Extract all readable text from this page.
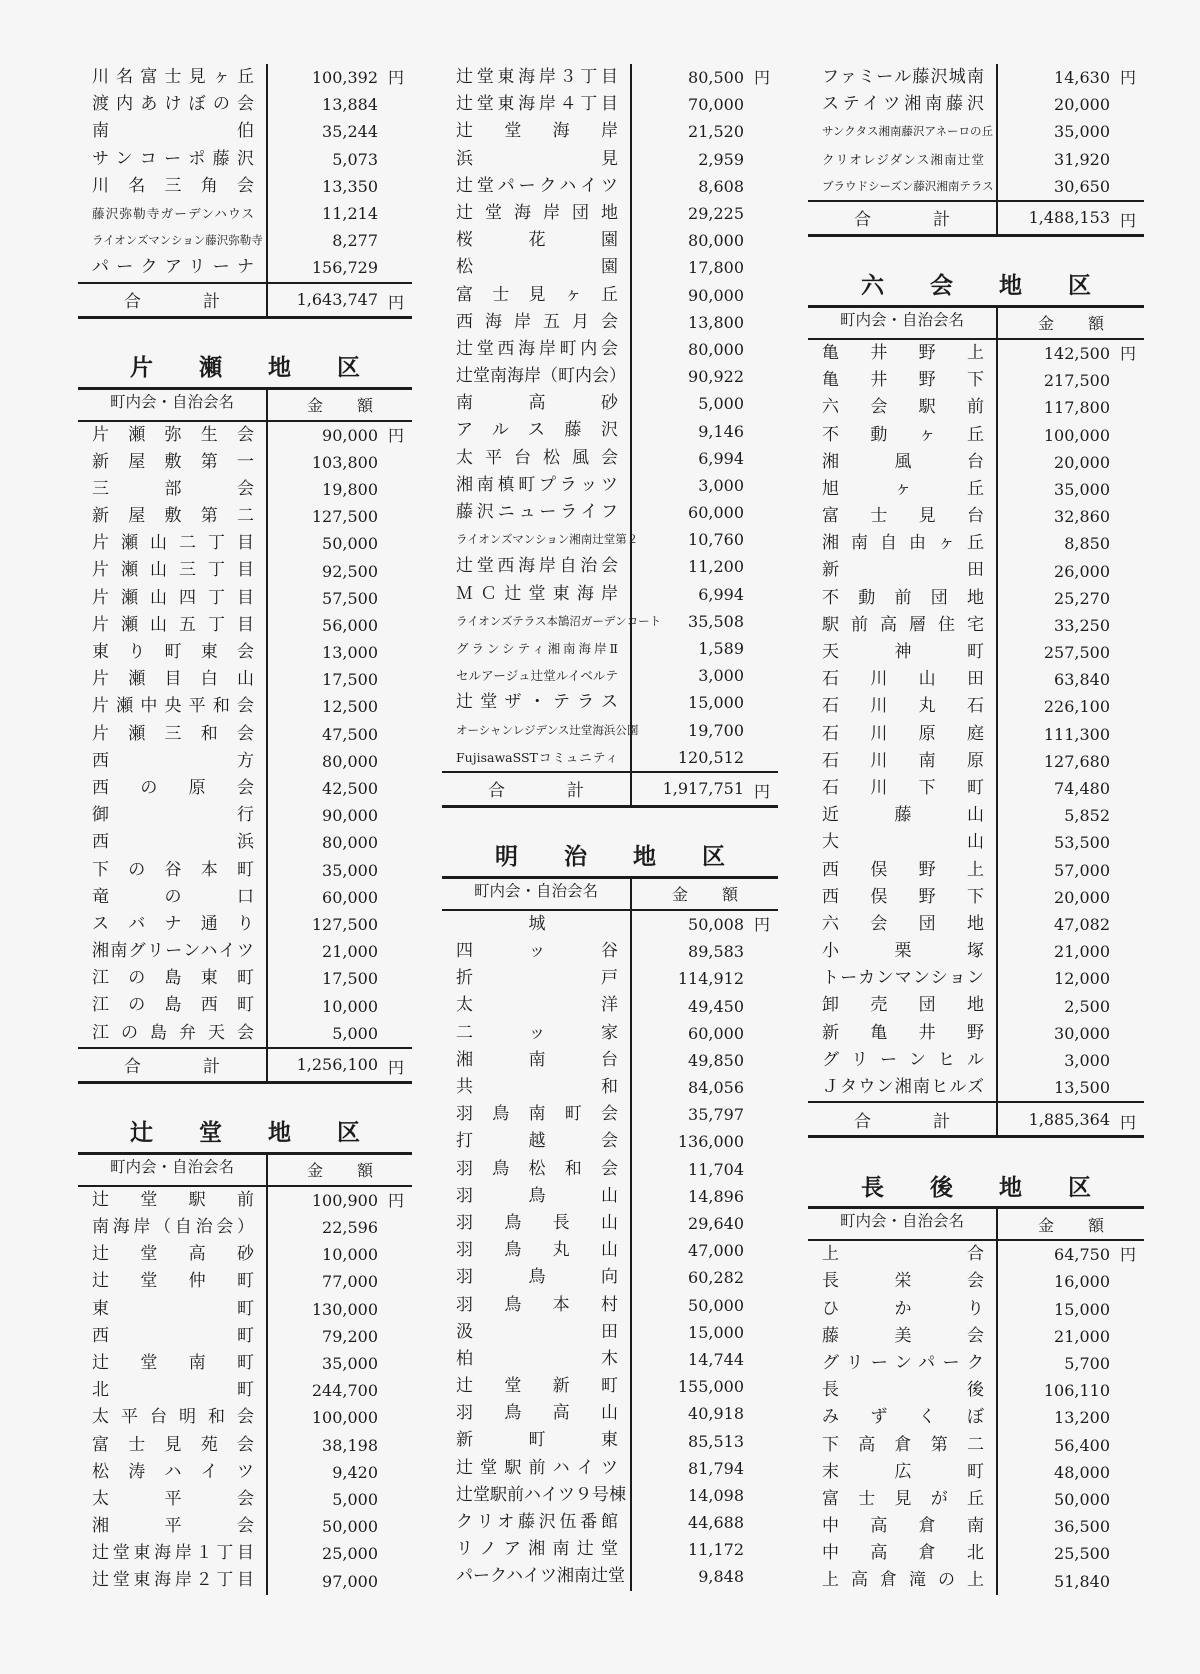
川名富士見ヶ丘	100,392 円
渡内あけぼの会	13,884
南伯	35,244
サンコーポ藤沢	5,073
川名三角会	13,350
藤沢弥勒寺ガーデンハウス	11,214
ライオンズマンション藤沢弥勒寺	8,277
パークアリーナ	156,729
合計	1,643,747 円
片瀬地区
町内会・自治会名	金 額
片瀬弥生会	90,000 円
新屋敷第一	103,800
三部会	19,800
新屋敷第二	127,500
片瀬山二丁目	50,000
片瀬山三丁目	92,500
片瀬山四丁目	57,500
片瀬山五丁目	56,000
東り町東会	13,000
片瀬目白山	17,500
片瀬中央平和会	12,500
片瀬三和会	47,500
西方	80,000
西の原会	42,500
御行	90,000
西浜	80,000
下の谷本町	35,000
竜の口	60,000
スバナ通り	127,500
湘南グリーンハイツ	21,000
江の島東町	17,500
江の島西町	10,000
江の島弁天会	5,000
合計	1,256,100 円
辻堂地区
町内会・自治会名	金 額
辻堂駅前	100,900 円
南海岸（自治会）	22,596
辻堂高砂	10,000
辻堂仲町	77,000
東町	130,000
西町	79,200
辻堂南町	35,000
北町	244,700
太平台明和会	100,000
富士見苑会	38,198
松涛ハイツ	9,420
太平会	5,000
湘平会	50,000
辻堂東海岸１丁目	25,000
辻堂東海岸２丁目	97,000
辻堂東海岸３丁目	80,500 円
辻堂東海岸４丁目	70,000
辻堂海岸	21,520
浜見	2,959
辻堂パークハイツ	8,608
辻堂海岸団地	29,225
桜花園	80,000
松園	17,800
富士見ヶ丘	90,000
西海岸五月会	13,800
辻堂西海岸町内会	80,000
辻堂南海岸（町内会）	90,922
南高砂	5,000
アルス藤沢	9,146
太平台松風会	6,994
湘南槙町プラッツ	3,000
藤沢ニューライフ	60,000
ライオンズマンション湘南辻堂第２	10,760
辻堂西海岸自治会	11,200
ＭＣ辻堂東海岸	6,994
ライオンズテラス本鵠沼ガーデンコート	35,508
グランシティ湘南海岸Ⅱ	1,589
セルアージュ辻堂ルイベルテ	3,000
辻堂ザ・テラス	15,000
オーシャンレジデンス辻堂海浜公園	19,700
FujisawaSSTコミュニティ	120,512
合計	1,917,751 円
明治地区
町内会・自治会名	金 額
城	50,008 円
四ッ谷	89,583
折戸	114,912
太洋	49,450
二ッ家	60,000
湘南台	49,850
共和	84,056
羽鳥南町会	35,797
打越会	136,000
羽鳥松和会	11,704
羽鳥山	14,896
羽鳥長山	29,640
羽鳥丸山	47,000
羽鳥向	60,282
羽鳥本村	50,000
汲田	15,000
柏木	14,744
辻堂新町	155,000
羽鳥高山	40,918
新町東	85,513
辻堂駅前ハイツ	81,794
辻堂駅前ハイツ９号棟	14,098
クリオ藤沢伍番館	44,688
リノア湘南辻堂	11,172
パークハイツ湘南辻堂	9,848
ファミール藤沢城南	14,630 円
ステイツ湘南藤沢	20,000
サンクタス湘南藤沢アネーロの丘	35,000
クリオレジダンス湘南辻堂	31,920
ブラウドシーズン藤沢湘南テラス	30,650
合計	1,488,153 円
六会地区
町内会・自治会名	金 額
亀井野上	142,500 円
亀井野下	217,500
六会駅前	117,800
不動ヶ丘	100,000
湘風台	20,000
旭ヶ丘	35,000
富士見台	32,860
湘南自由ヶ丘	8,850
新田	26,000
不動前団地	25,270
駅前高層住宅	33,250
天神町	257,500
石川山田	63,840
石川丸石	226,100
石川原庭	111,300
石川南原	127,680
石川下町	74,480
近藤山	5,852
大山	53,500
西俣野上	57,000
西俣野下	20,000
六会団地	47,082
小栗塚	21,000
トーカンマンション	12,000
卸売団地	2,500
新亀井野	30,000
グリーンヒル	3,000
Ｊタウン湘南ヒルズ	13,500
合計	1,885,364 円
長後地区
町内会・自治会名	金 額
上合	64,750 円
長栄会	16,000
ひかり	15,000
藤美会	21,000
グリーンパーク	5,700
長後	106,110
みずくぼ	13,200
下高倉第二	56,400
末広町	48,000
富士見が丘	50,000
中高倉南	36,500
中高倉北	25,500
上高倉滝の上	51,840
